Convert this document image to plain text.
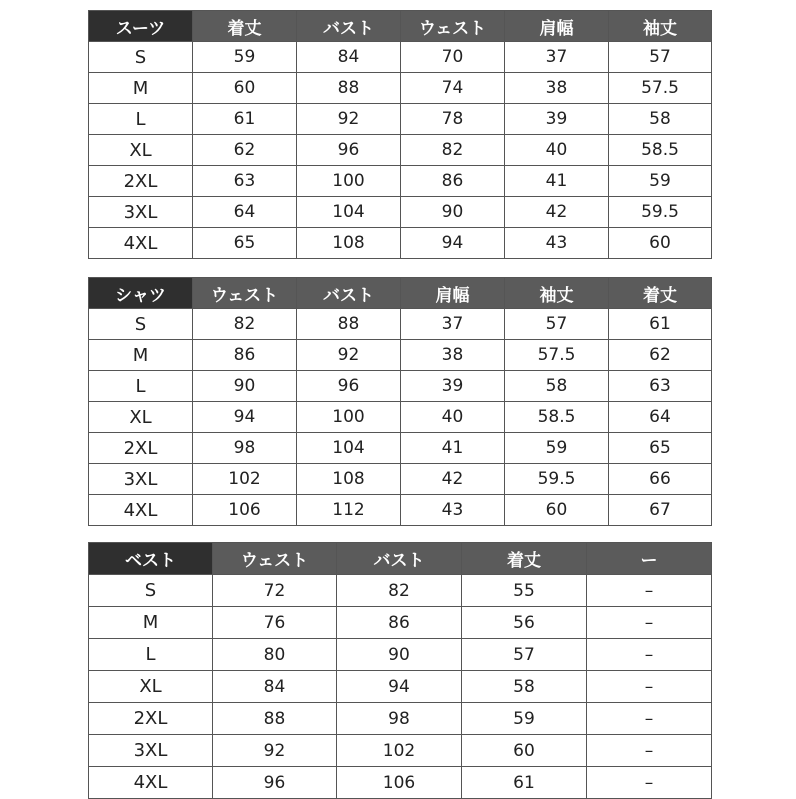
スーツ	着丈	バスト	ウェスト	肩幅	袖丈
S	59	84	70	37	57
M	60	88	74	38	57.5
L	61	92	78	39	58
XL	62	96	82	40	58.5
2XL	63	100	86	41	59
3XL	64	104	90	42	59.5
4XL	65	108	94	43	60
シャツ	ウェスト	バスト	肩幅	袖丈	着丈
S	82	88	37	57	61
M	86	92	38	57.5	62
L	90	96	39	58	63
XL	94	100	40	58.5	64
2XL	98	104	41	59	65
3XL	102	108	42	59.5	66
4XL	106	112	43	60	67
ベスト	ウェスト	バスト	着丈	ー
S	72	82	55	–
M	76	86	56	–
L	80	90	57	–
XL	84	94	58	–
2XL	88	98	59	–
3XL	92	102	60	–
4XL	96	106	61	–
